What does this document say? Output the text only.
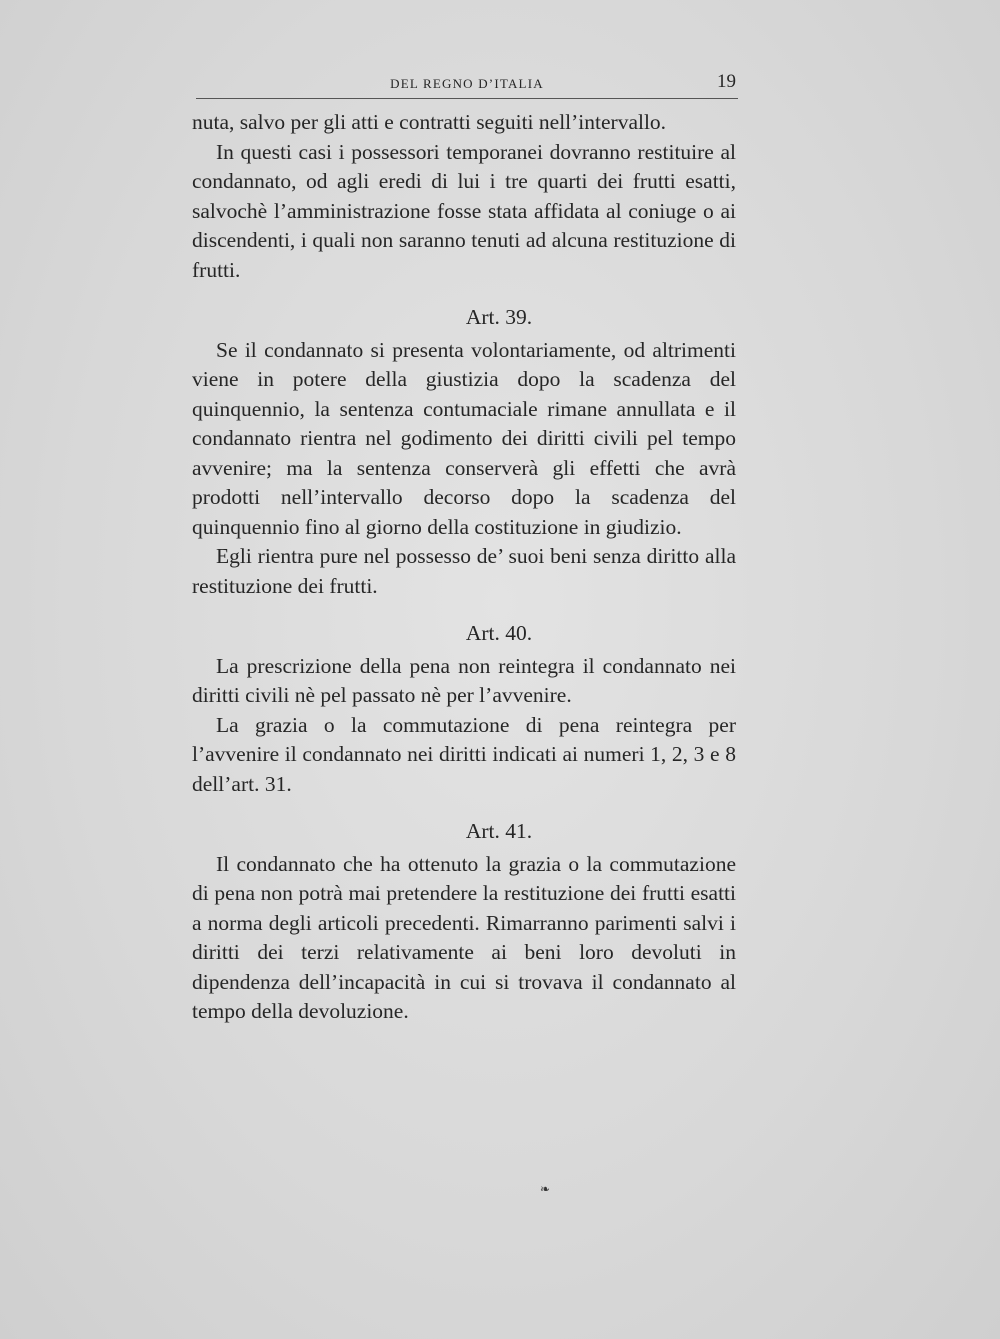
DEL REGNO D’ITALIA	19

nuta, salvo per gli atti e contratti seguiti nell’intervallo.

In questi casi i possessori temporanei dovranno restituire al condannato, od agli eredi di lui i tre quarti dei frutti esatti, salvochè l’amministrazione fosse stata affidata al coniuge o ai discendenti, i quali non saranno tenuti ad alcuna restituzione di frutti.

Art. 39.

Se il condannato si presenta volontariamente, od altrimenti viene in potere della giustizia dopo la scadenza del quinquennio, la sentenza contumaciale rimane annullata e il condannato rientra nel godimento dei diritti civili pel tempo avvenire; ma la sentenza conserverà gli effetti che avrà prodotti nell’intervallo decorso dopo la scadenza del quinquennio fino al giorno della costituzione in giudizio.

Egli rientra pure nel possesso de’ suoi beni senza diritto alla restituzione dei frutti.

Art. 40.

La prescrizione della pena non reintegra il condannato nei diritti civili nè pel passato nè per l’avvenire.

La grazia o la commutazione di pena reintegra per l’avvenire il condannato nei diritti indicati ai numeri 1, 2, 3 e 8 dell’art. 31.

Art. 41.

Il condannato che ha ottenuto la grazia o la commutazione di pena non potrà mai pretendere la restituzione dei frutti esatti a norma degli articoli precedenti. Rimarranno parimenti salvi i diritti dei terzi relativamente ai beni loro devoluti in dipendenza dell’incapacità in cui si trovava il condannato al tempo della devoluzione.

❧
